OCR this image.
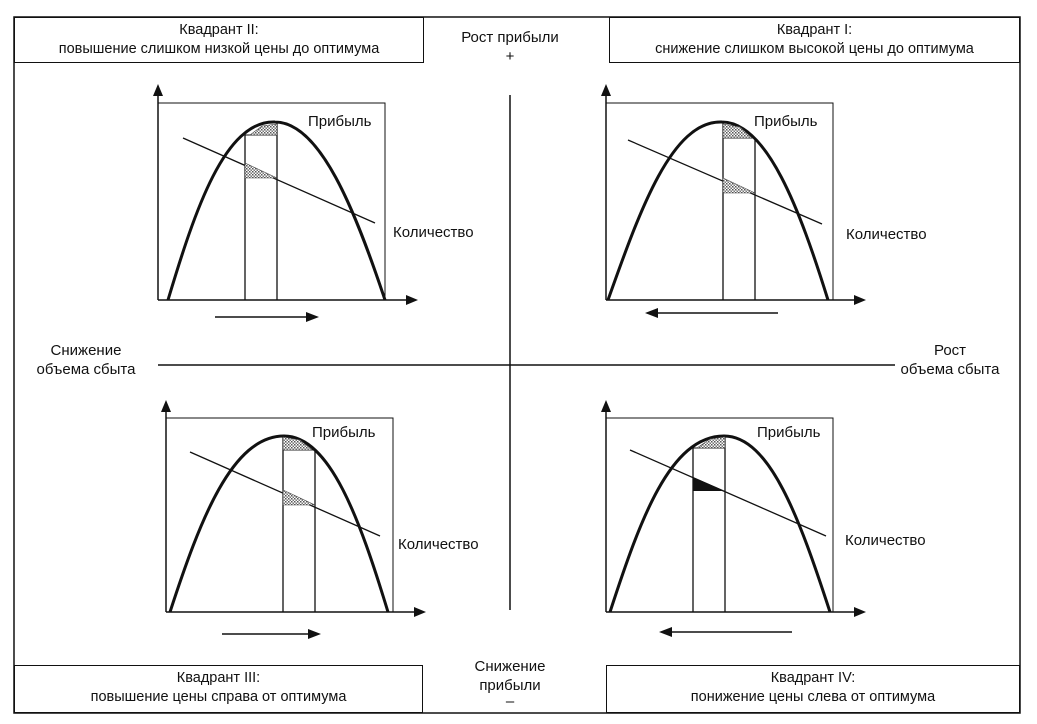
Квадрант II:
повышение слишком низкой цены до оптимума
Квадрант I:
снижение слишком высокой цены до оптимума
Квадрант III:
повышение цены справа от оптимума
Квадрант IV:
понижение цены слева от оптимума
Рост прибыли
+
Снижение
прибыли
–
Снижение
объема сбыта
Рост
объема сбыта
Прибыль
Количество
Прибыль
Количество
Прибыль
Количество
Прибыль
Количество
